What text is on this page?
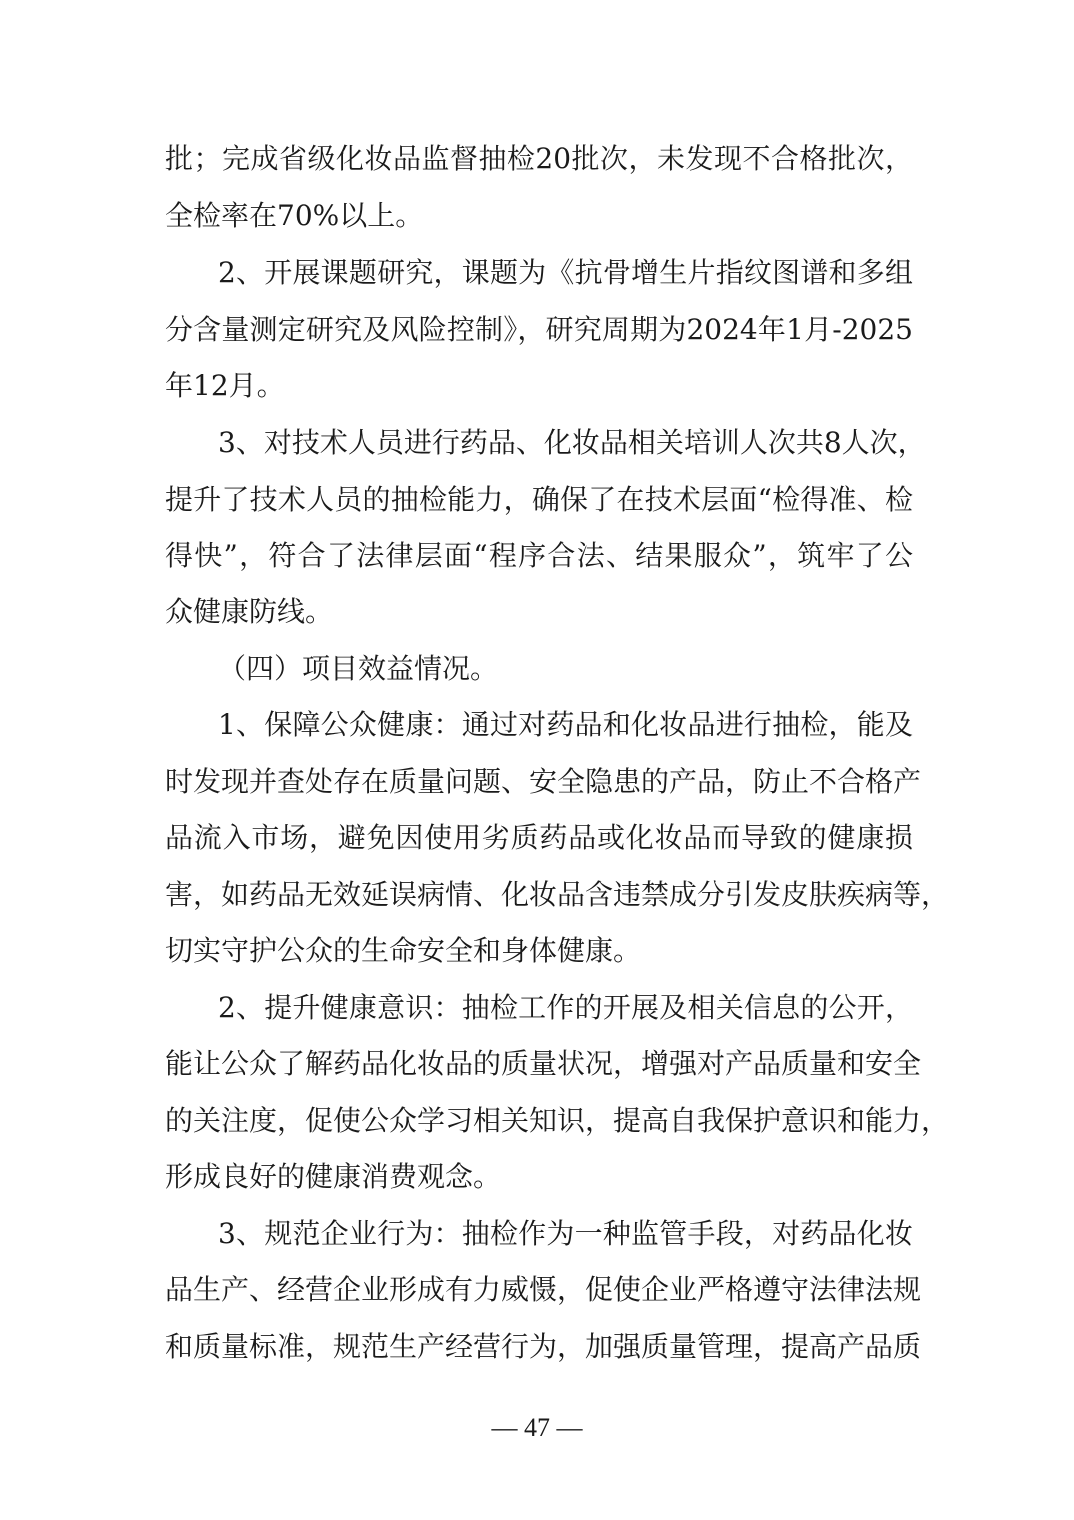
批；完成省级化妆品监督抽检20批次，未发现不合格批次，
全检率在70%以上。
2、开展课题研究，课题为《抗骨增生片指纹图谱和多组
分含量测定研究及风险控制》，研究周期为2024年1月-2025
年12月。
3、对技术人员进行药品、化妆品相关培训人次共8人次，
提升了技术人员的抽检能力，确保了在技术层面“检得准、检
得快”，符合了法律层面“程序合法、结果服众”，筑牢了公
众健康防线。
（四）项目效益情况。
1、保障公众健康：通过对药品和化妆品进行抽检，能及
时发现并查处存在质量问题、安全隐患的产品，防止不合格产
品流入市场，避免因使用劣质药品或化妆品而导致的健康损
害，如药品无效延误病情、化妆品含违禁成分引发皮肤疾病等，
切实守护公众的生命安全和身体健康。
2、提升健康意识：抽检工作的开展及相关信息的公开，
能让公众了解药品化妆品的质量状况，增强对产品质量和安全
的关注度，促使公众学习相关知识，提高自我保护意识和能力，
形成良好的健康消费观念。
3、规范企业行为：抽检作为一种监管手段，对药品化妆
品生产、经营企业形成有力威慑，促使企业严格遵守法律法规
和质量标准，规范生产经营行为，加强质量管理，提高产品质
— 47 —
